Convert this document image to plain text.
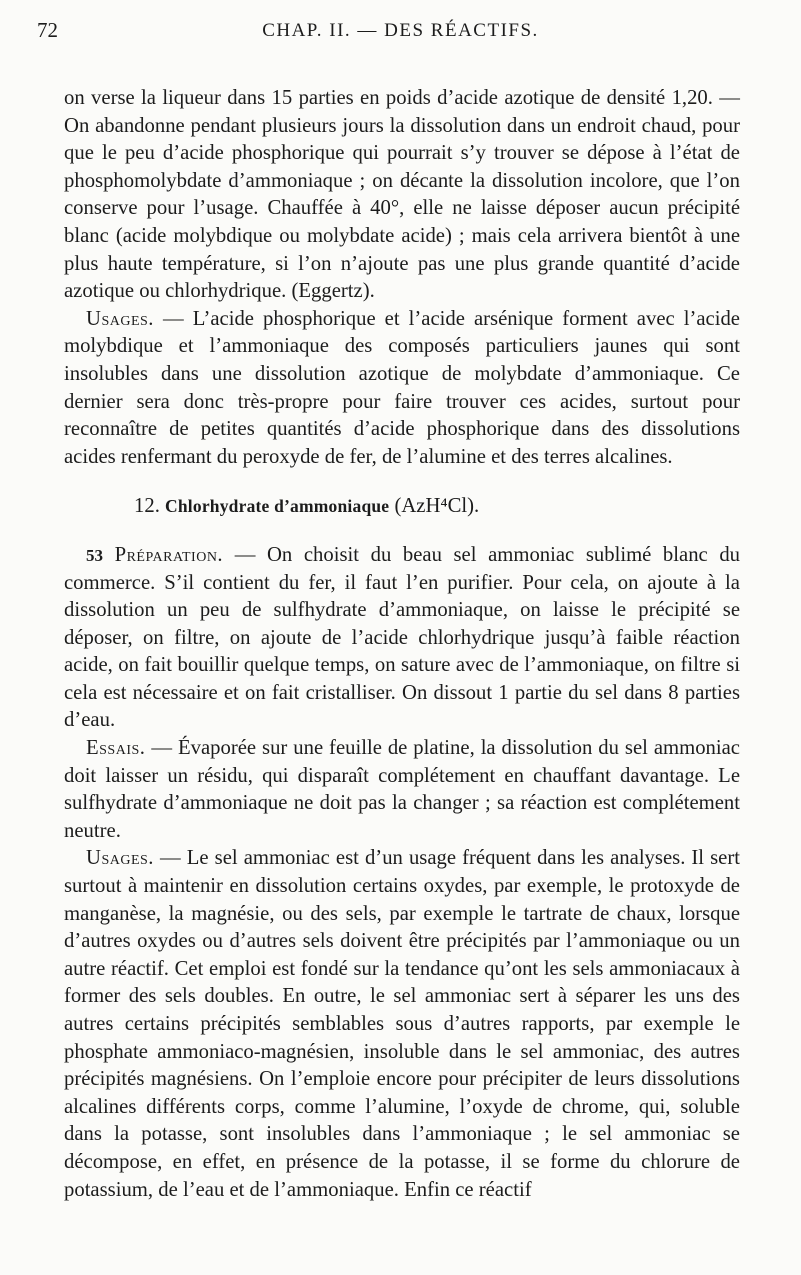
72	CHAP. II. — DES RÉACTIFS.

on verse la liqueur dans 15 parties en poids d’acide azotique de densité 1,20. — On abandonne pendant plusieurs jours la dissolution dans un endroit chaud, pour que le peu d’acide phosphorique qui pourrait s’y trouver se dépose à l’état de phosphomolybdate d’ammoniaque ; on décante la dissolution incolore, que l’on conserve pour l’usage. Chauffée à 40°, elle ne laisse déposer aucun précipité blanc (acide molybdique ou molybdate acide) ; mais cela arrivera bientôt à une plus haute température, si l’on n’ajoute pas une plus grande quantité d’acide azotique ou chlorhydrique. (Eggertz).

Usages. — L’acide phosphorique et l’acide arsénique forment avec l’acide molybdique et l’ammoniaque des composés particuliers jaunes qui sont insolubles dans une dissolution azotique de molybdate d’ammoniaque. Ce dernier sera donc très-propre pour faire trouver ces acides, surtout pour reconnaître de petites quantités d’acide phosphorique dans des dissolutions acides renfermant du peroxyde de fer, de l’alumine et des terres alcalines.

12. Chlorhydrate d’ammoniaque (AzH⁴Cl).

53 Préparation. — On choisit du beau sel ammoniac sublimé blanc du commerce. S’il contient du fer, il faut l’en purifier. Pour cela, on ajoute à la dissolution un peu de sulfhydrate d’ammoniaque, on laisse le précipité se déposer, on filtre, on ajoute de l’acide chlorhydrique jusqu’à faible réaction acide, on fait bouillir quelque temps, on sature avec de l’ammoniaque, on filtre si cela est nécessaire et on fait cristalliser. On dissout 1 partie du sel dans 8 parties d’eau.

Essais. — Évaporée sur une feuille de platine, la dissolution du sel ammoniac doit laisser un résidu, qui disparaît complétement en chauffant davantage. Le sulfhydrate d’ammoniaque ne doit pas la changer ; sa réaction est complétement neutre.

Usages. — Le sel ammoniac est d’un usage fréquent dans les analyses. Il sert surtout à maintenir en dissolution certains oxydes, par exemple, le protoxyde de manganèse, la magnésie, ou des sels, par exemple le tartrate de chaux, lorsque d’autres oxydes ou d’autres sels doivent être précipités par l’ammoniaque ou un autre réactif. Cet emploi est fondé sur la tendance qu’ont les sels ammoniacaux à former des sels doubles. En outre, le sel ammoniac sert à séparer les uns des autres certains précipités semblables sous d’autres rapports, par exemple le phosphate ammoniaco-magnésien, insoluble dans le sel ammoniac, des autres précipités magnésiens. On l’emploie encore pour précipiter de leurs dissolutions alcalines différents corps, comme l’alumine, l’oxyde de chrome, qui, soluble dans la potasse, sont insolubles dans l’ammoniaque ; le sel ammoniac se décompose, en effet, en présence de la potasse, il se forme du chlorure de potassium, de l’eau et de l’ammoniaque. Enfin ce réactif
